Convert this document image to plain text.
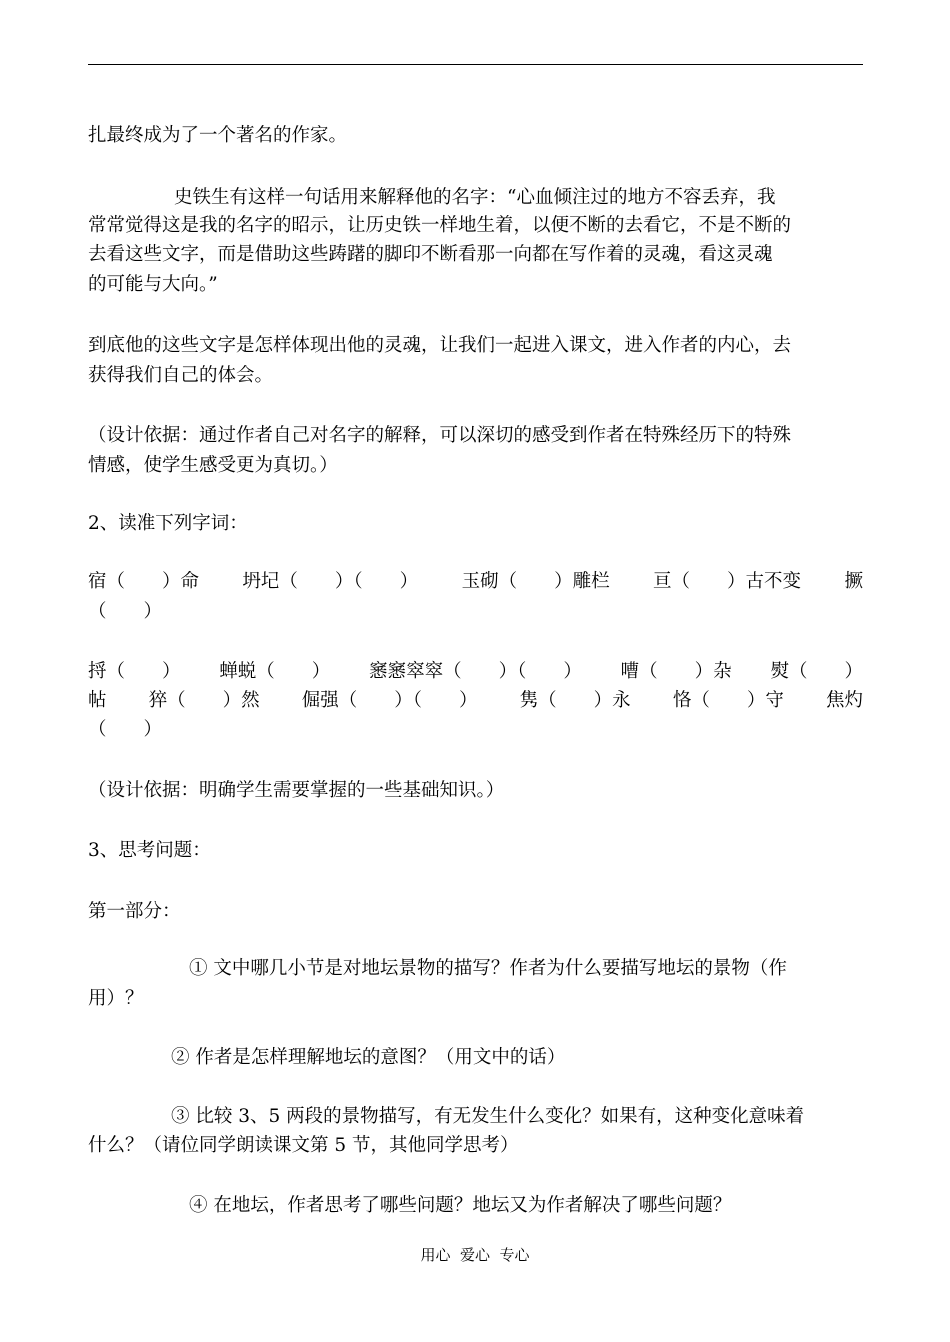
扎最终成为了一个著名的作家。
史铁生有这样一句话用来解释他的名字：“心血倾注过的地方不容丢弃，我
常常觉得这是我的名字的昭示，让历史铁一样地生着，以便不断的去看它，不是不断的
去看这些文字，而是借助这些踌躇的脚印不断看那一向都在写作着的灵魂，看这灵魂
的可能与大向。”
到底他的这些文字是怎样体现出他的灵魂，让我们一起进入课文，进入作者的内心，去
获得我们自己的体会。
（设计依据：通过作者自己对名字的解释，可以深切的感受到作者在特殊经历下的特殊
情感，使学生感受更为真切。）
2、读准下列字词：
宿（　　）命 坍圮（　　）（　　） 玉砌（　　）雕栏 亘（　　）古不变 撅
（　　）
捋（　　） 蝉蜕（　　） 窸窸窣窣（　　）（　　） 嘈（　　）杂 熨（　　）
帖 猝（　　）然 倔强（　　）（　　） 隽（　　）永 恪（　　）守 焦灼
（　　）
（设计依据：明确学生需要掌握的一些基础知识。）
3、思考问题：
第一部分：
① 文中哪几小节是对地坛景物的描写？作者为什么要描写地坛的景物（作
用）？
② 作者是怎样理解地坛的意图？（用文中的话）
③ 比较 3、5 两段的景物描写，有无发生什么变化？如果有，这种变化意味着
什么？（请位同学朗读课文第 5 节，其他同学思考）
④ 在地坛，作者思考了哪些问题？地坛又为作者解决了哪些问题？
用心  爱心  专心
